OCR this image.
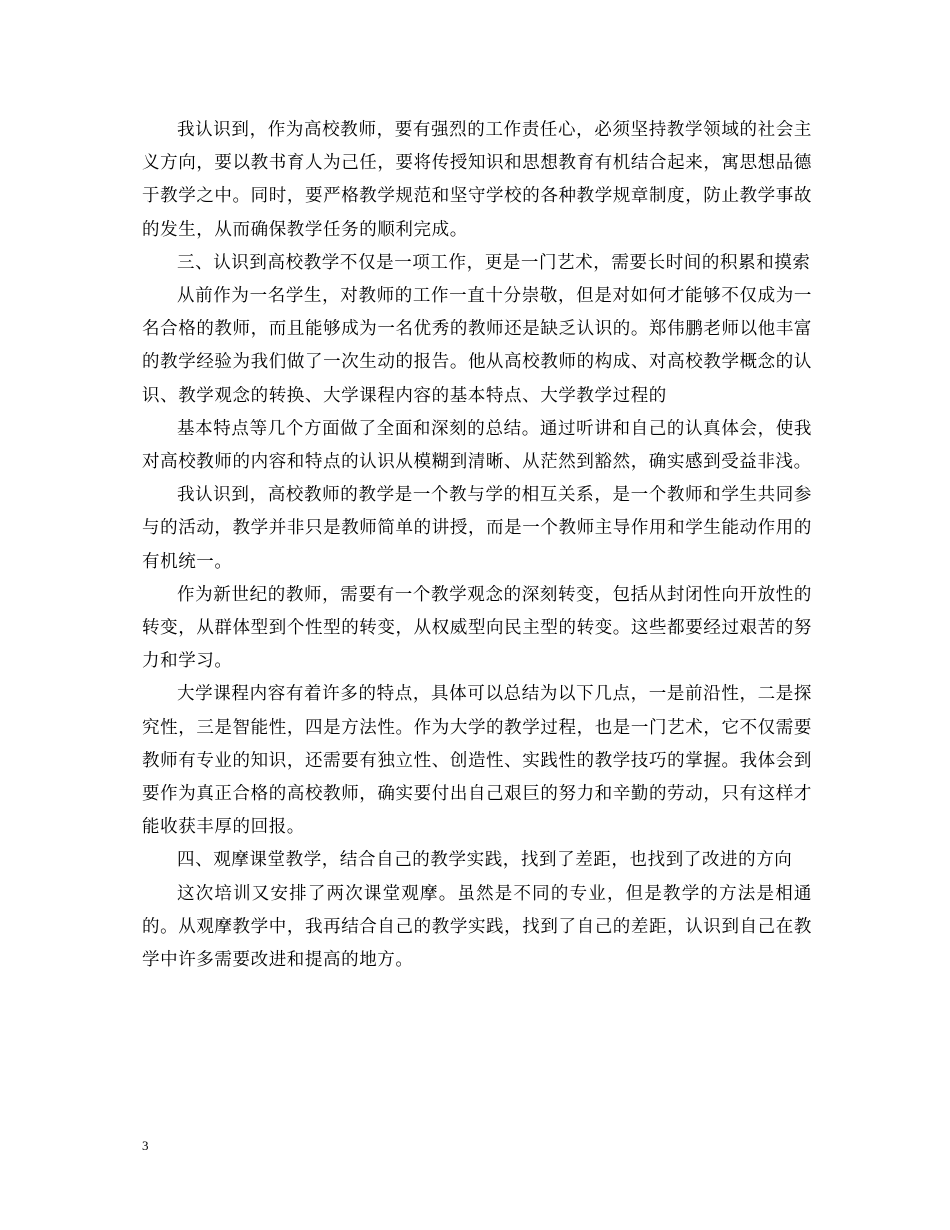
我认识到，作为高校教师，要有强烈的工作责任心，必须坚持教学领域的社会主义方向，要以教书育人为己任，要将传授知识和思想教育有机结合起来，寓思想品德于教学之中。同时，要严格教学规范和坚守学校的各种教学规章制度，防止教学事故的发生，从而确保教学任务的顺利完成。

三、认识到高校教学不仅是一项工作，更是一门艺术，需要长时间的积累和摸索

从前作为一名学生，对教师的工作一直十分崇敬，但是对如何才能够不仅成为一名合格的教师，而且能够成为一名优秀的教师还是缺乏认识的。郑伟鹏老师以他丰富的教学经验为我们做了一次生动的报告。他从高校教师的构成、对高校教学概念的认识、教学观念的转换、大学课程内容的基本特点、大学教学过程的

基本特点等几个方面做了全面和深刻的总结。通过听讲和自己的认真体会，使我对高校教师的内容和特点的认识从模糊到清晰、从茫然到豁然，确实感到受益非浅。

我认识到，高校教师的教学是一个教与学的相互关系，是一个教师和学生共同参与的活动，教学并非只是教师简单的讲授，而是一个教师主导作用和学生能动作用的有机统一。

作为新世纪的教师，需要有一个教学观念的深刻转变，包括从封闭性向开放性的转变，从群体型到个性型的转变，从权威型向民主型的转变。这些都要经过艰苦的努力和学习。

大学课程内容有着许多的特点，具体可以总结为以下几点，一是前沿性，二是探究性，三是智能性，四是方法性。作为大学的教学过程，也是一门艺术，它不仅需要教师有专业的知识，还需要有独立性、创造性、实践性的教学技巧的掌握。我体会到要作为真正合格的高校教师，确实要付出自己艰巨的努力和辛勤的劳动，只有这样才能收获丰厚的回报。

四、观摩课堂教学，结合自己的教学实践，找到了差距，也找到了改进的方向

这次培训又安排了两次课堂观摩。虽然是不同的专业，但是教学的方法是相通的。从观摩教学中，我再结合自己的教学实践，找到了自己的差距，认识到自己在教学中许多需要改进和提高的地方。

3
